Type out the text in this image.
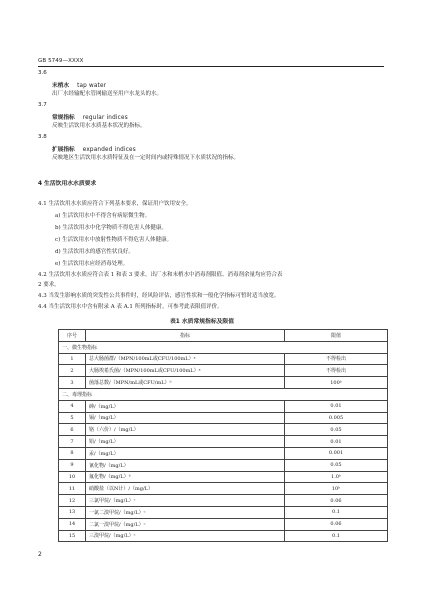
GB 5749—XXXX
3.6
末梢水 tap water
出厂水经输配水管网输送至用户水龙头的水。
3.7
常规指标 regular indices
反映生活饮用水水质基本状况的指标。
3.8
扩展指标 expanded indices
反映地区生活饮用水水质特征及在一定时间内或特殊情况下水质状况的指标。
4 生活饮用水水质要求
4.1 生活饮用水水质应符合下列基本要求，保证用户饮用安全。
a) 生活饮用水中不得含有病原微生物。
b) 生活饮用水中化学物质不得危害人体健康。
c) 生活饮用水中放射性物质不得危害人体健康。
d) 生活饮用水的感官性状良好。
e) 生活饮用水应经消毒处理。
4.2 生活饮用水水质应符合表 1 和表 3 要求。出厂水和末梢水中消毒剂限值、消毒剂余量均应符合表
2 要求。
4.3 当发生影响水质的突发性公共事件时，经风险评估，感官性状和一般化学指标可暂时适当放宽。
4.4 当生活饮用水中含有附录 A 表 A.1 所列指标时，可参考此表限值评价。
表1 水质常规指标及限值
序号	指标	限值
一、微生物指标		
1	总大肠菌群/（MPN/100mL或CFU/100mL）ᵃ	不得检出
2	大肠埃希氏菌/（MPN/100mL或CFU/100mL）ᵃ	不得检出
3	菌落总数/（MPN/mL或CFU/mL）ᵇ	100ᵇ
二、毒理指标		
4	砷/（mg/L）	0.01
5	镉/（mg/L）	0.005
6	铬（六价）/（mg/L）	0.05
7	铅/（mg/L）	0.01
8	汞/（mg/L）	0.001
9	氰化物/（mg/L）	0.05
10	氟化物/（mg/L）ᵇ	1.0ᵇ
11	硝酸盐（以N计）/（mg/L）	10ᵇ
12	三氯甲烷/（mg/L）ᶜ	0.06
13	一氯二溴甲烷/（mg/L）ᶜ	0.1
14	二氯一溴甲烷/（mg/L）ᶜ	0.06
15	三溴甲烷/（mg/L）ᶜ	0.1
2
